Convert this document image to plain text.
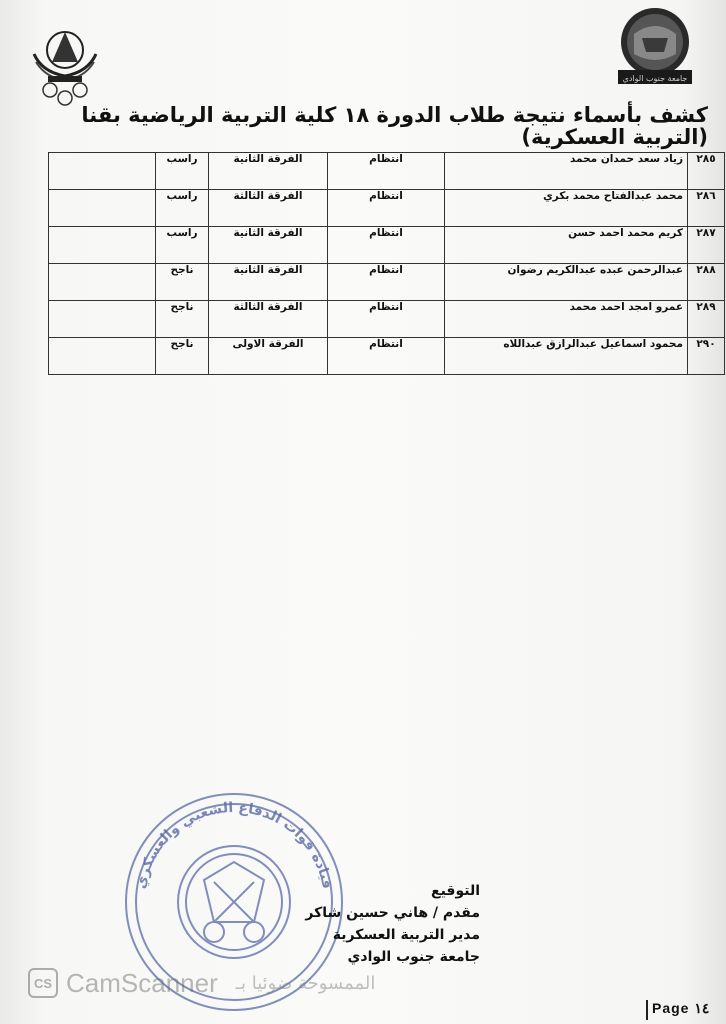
جامعة جنوب الوادي
كشف بأسماء نتيجة طلاب الدورة ١٨ كلية التربية الرياضية بقنا
(التربية العسكرية)
٢٨٥	زياد سعد حمدان محمد	انتظام	الفرقة الثانية	راسب	
٢٨٦	محمد عبدالفتاح محمد بكري	انتظام	الفرقة الثالثة	راسب	
٢٨٧	كريم محمد احمد حسن	انتظام	الفرقة الثانية	راسب	
٢٨٨	عبدالرحمن عبده عبدالكريم رضوان	انتظام	الفرقة الثانية	ناجح	
٢٨٩	عمرو امجد احمد محمد	انتظام	الفرقة الثالثة	ناجح	
٢٩٠	محمود اسماعيل عبدالرازق عبداللاه	انتظام	الفرقة الاولى	ناجح	
قيادة قوات الدفاع الشعبي والعسكري	التوقيع
مقدم / هاني حسين شاكر
مدير التربية العسكرية
جامعة جنوب الوادي
CS CamScanner الممسوحة ضوئيا بـ
Page ١٤
